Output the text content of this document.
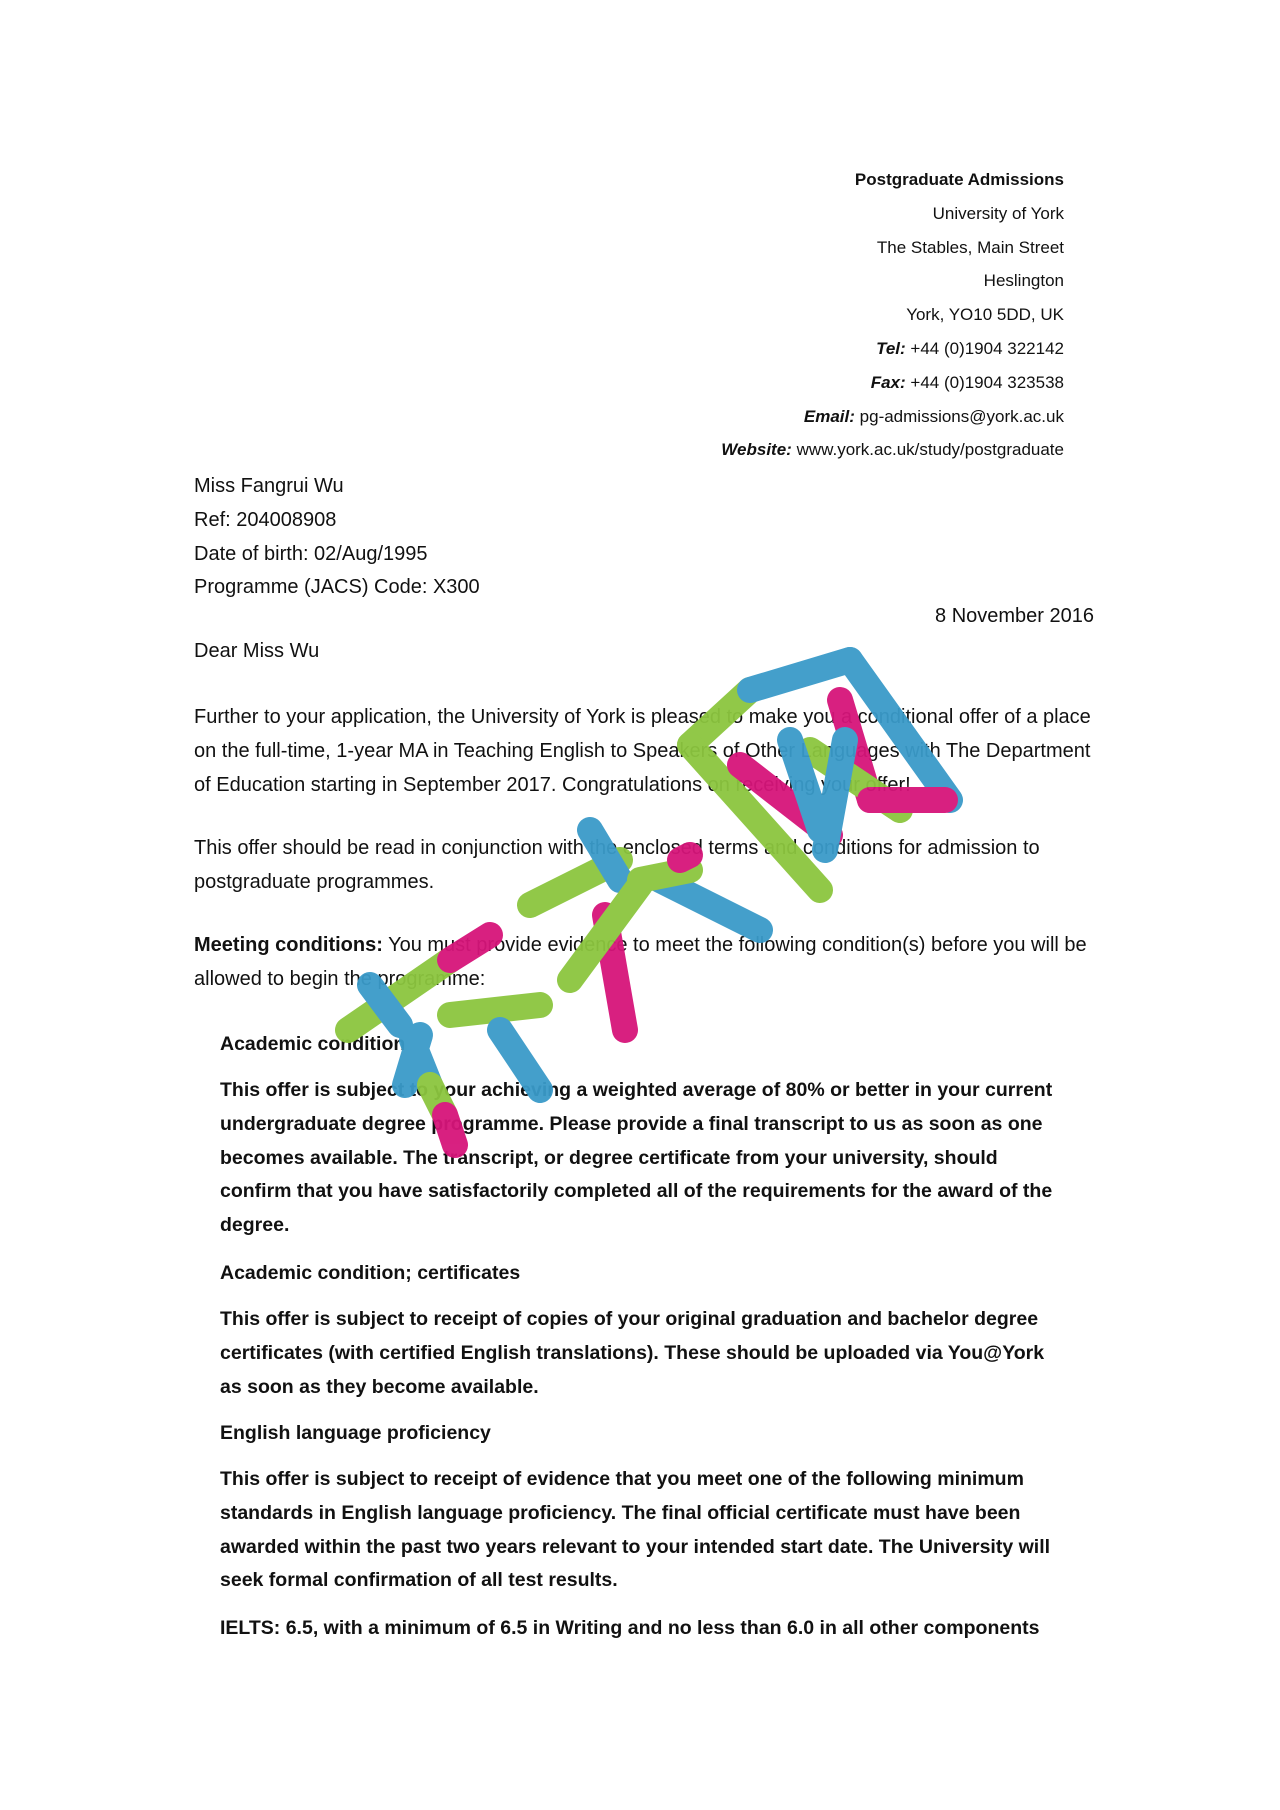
Postgraduate Admissions
University of York
The Stables, Main Street
Heslington
York, YO10 5DD, UK
Tel: +44 (0)1904 322142
Fax: +44 (0)1904 323538
Email: pg-admissions@york.ac.uk
Website: www.york.ac.uk/study/postgraduate
Miss Fangrui Wu
Ref: 204008908
Date of birth: 02/Aug/1995
Programme (JACS) Code: X300
8 November 2016
Dear Miss Wu
Further to your application, the University of York is pleased to make you a conditional offer of a place on the full-time, 1-year MA in Teaching English to Speakers of Other Languages with The Department of Education starting in September 2017. Congratulations on receiving your offer!
This offer should be read in conjunction with the enclosed terms and conditions for admission to postgraduate programmes.
Meeting conditions: You must provide evidence to meet the following condition(s) before you will be allowed to begin the programme:
Academic condition
This offer is subject to your achieving a weighted average of 80% or better in your current undergraduate degree programme. Please provide a final transcript to us as soon as one becomes available. The transcript, or degree certificate from your university, should confirm that you have satisfactorily completed all of the requirements for the award of the degree.
Academic condition; certificates
This offer is subject to receipt of copies of your original graduation and bachelor degree certificates (with certified English translations). These should be uploaded via You@York as soon as they become available.
English language proficiency
This offer is subject to receipt of evidence that you meet one of the following minimum standards in English language proficiency. The final official certificate must have been awarded within the past two years relevant to your intended start date. The University will seek formal confirmation of all test results.
IELTS: 6.5, with a minimum of 6.5 in Writing and no less than 6.0 in all other components
